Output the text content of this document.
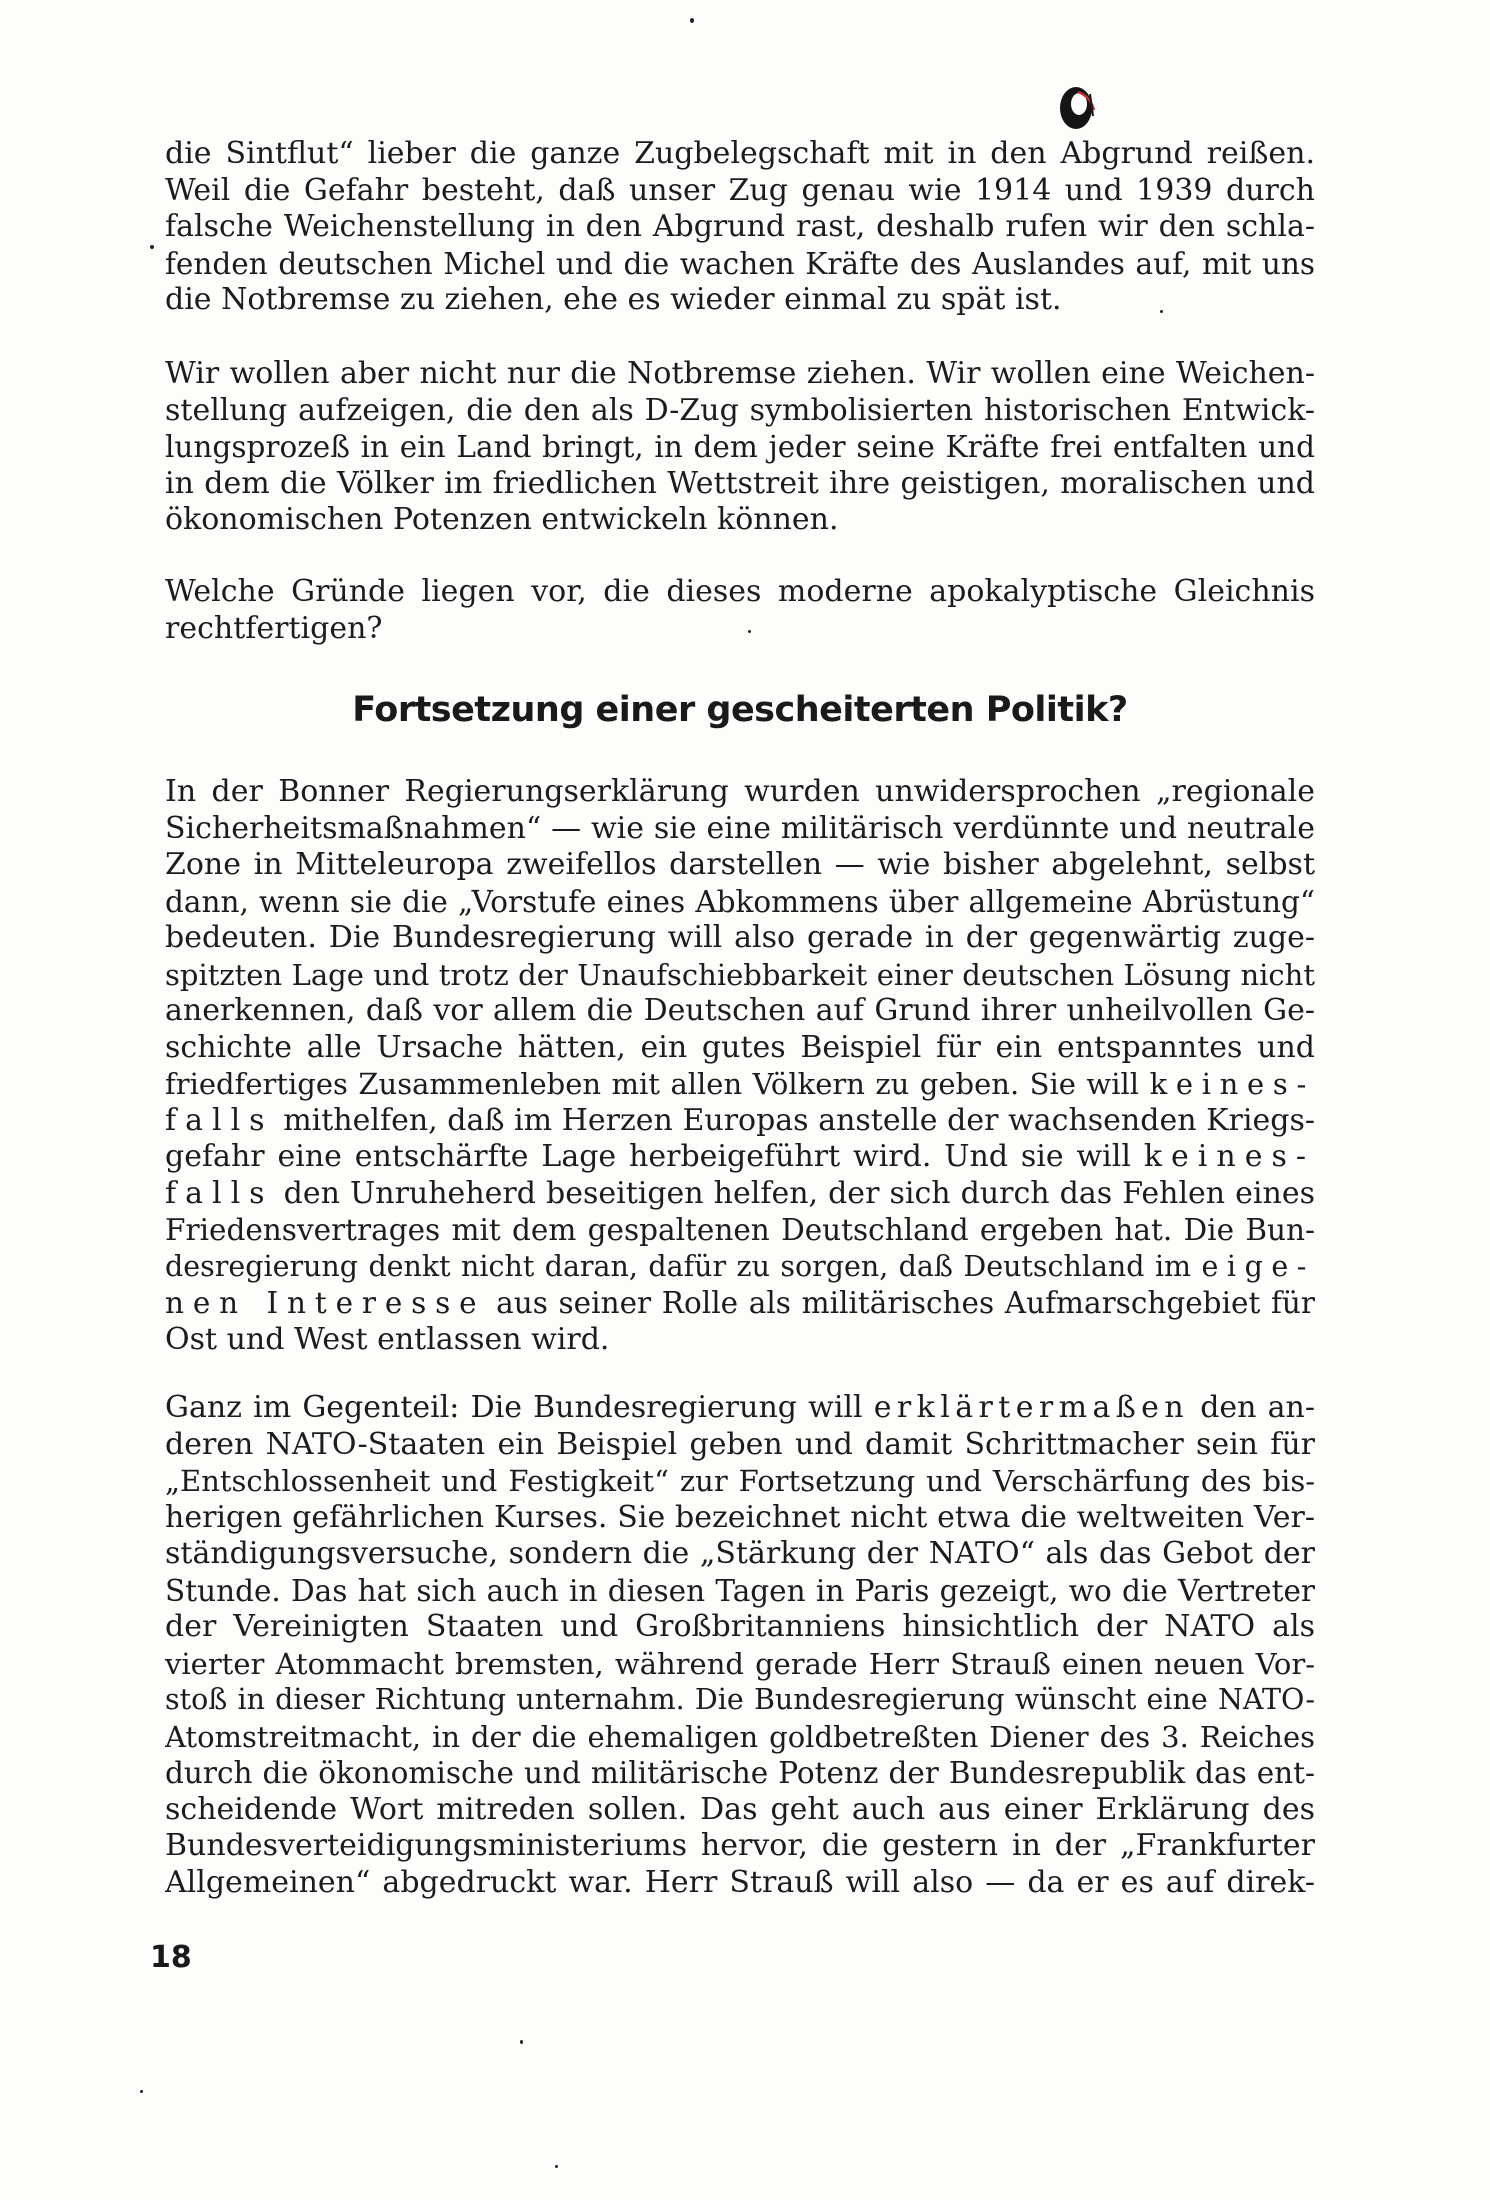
die Sintflut“ lieber die ganze Zugbelegschaft mit in den Abgrund reißen.
Weil die Gefahr besteht, daß unser Zug genau wie 1914 und 1939 durch
falsche Weichenstellung in den Abgrund rast, deshalb rufen wir den schla-
fenden deutschen Michel und die wachen Kräfte des Auslandes auf, mit uns
die Notbremse zu ziehen, ehe es wieder einmal zu spät ist.
Wir wollen aber nicht nur die Notbremse ziehen. Wir wollen eine Weichen-
stellung aufzeigen, die den als D-Zug symbolisierten historischen Entwick-
lungsprozeß in ein Land bringt, in dem jeder seine Kräfte frei entfalten und
in dem die Völker im friedlichen Wettstreit ihre geistigen, moralischen und
ökonomischen Potenzen entwickeln können.
Welche Gründe liegen vor, die dieses moderne apokalyptische Gleichnis
rechtfertigen?
Fortsetzung einer gescheiterten Politik?
In der Bonner Regierungserklärung wurden unwidersprochen „regionale
Sicherheitsmaßnahmen“ — wie sie eine militärisch verdünnte und neutrale
Zone in Mitteleuropa zweifellos darstellen — wie bisher abgelehnt, selbst
dann, wenn sie die „Vorstufe eines Abkommens über allgemeine Abrüstung“
bedeuten. Die Bundesregierung will also gerade in der gegenwärtig zuge-
spitzten Lage und trotz der Unaufschiebbarkeit einer deutschen Lösung nicht
anerkennen, daß vor allem die Deutschen auf Grund ihrer unheilvollen Ge-
schichte alle Ursache hätten, ein gutes Beispiel für ein entspanntes und
friedfertiges Zusammenleben mit allen Völkern zu geben. Sie will keines-
falls mithelfen, daß im Herzen Europas anstelle der wachsenden Kriegs-
gefahr eine entschärfte Lage herbeigeführt wird. Und sie will keines-
falls den Unruheherd beseitigen helfen, der sich durch das Fehlen eines
Friedensvertrages mit dem gespaltenen Deutschland ergeben hat. Die Bun-
desregierung denkt nicht daran, dafür zu sorgen, daß Deutschland im eige-
nen Interesse aus seiner Rolle als militärisches Aufmarschgebiet für
Ost und West entlassen wird.
Ganz im Gegenteil: Die Bundesregierung will erklärtermaßen den an-
deren NATO-Staaten ein Beispiel geben und damit Schrittmacher sein für
„Entschlossenheit und Festigkeit“ zur Fortsetzung und Verschärfung des bis-
herigen gefährlichen Kurses. Sie bezeichnet nicht etwa die weltweiten Ver-
ständigungsversuche, sondern die „Stärkung der NATO“ als das Gebot der
Stunde. Das hat sich auch in diesen Tagen in Paris gezeigt, wo die Vertreter
der Vereinigten Staaten und Großbritanniens hinsichtlich der NATO als
vierter Atommacht bremsten, während gerade Herr Strauß einen neuen Vor-
stoß in dieser Richtung unternahm. Die Bundesregierung wünscht eine NATO-
Atomstreitmacht, in der die ehemaligen goldbetreßten Diener des 3. Reiches
durch die ökonomische und militärische Potenz der Bundesrepublik das ent-
scheidende Wort mitreden sollen. Das geht auch aus einer Erklärung des
Bundesverteidigungsministeriums hervor, die gestern in der „Frankfurter
Allgemeinen“ abgedruckt war. Herr Strauß will also — da er es auf direk-
18
